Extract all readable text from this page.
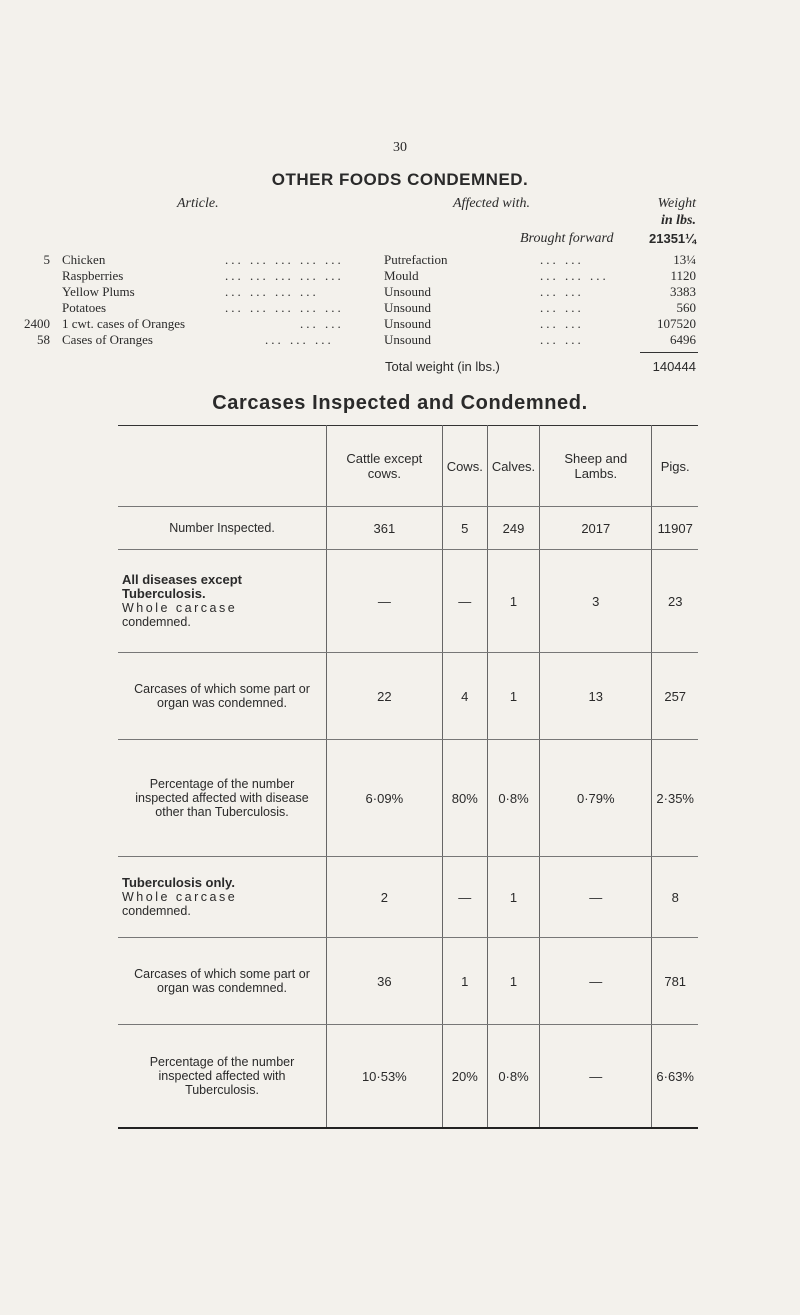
30
OTHER FOODS CONDEMNED.
Article.	Affected with.	Weight
in lbs.
Brought forward	21351¼
5 Chicken	... ... ... ... ...	Putrefaction	... ...	13¼
Raspberries	... ... ... ... ...	Mould	... ... ...	1120
Yellow Plums	... ... ... ...	Unsound	... ...	3383
Potatoes	... ... ... ... ...	Unsound	... ...	560
2400 1 cwt. cases of Oranges	... ...	Unsound	... ...	107520
58 Cases of Oranges	... ... ...	Unsound	... ...	6496
Total weight (in lbs.)	140444
Carcases Inspected and Condemned.
	Cattle except cows.	Cows.	Calves.	Sheep and Lambs.	Pigs.
Number Inspected.	361	5	249	2017	11907

All diseases except Tuberculosis.
Whole carcase
condemned.	—	—	1	3	23
Carcases of which some part or organ was condemned.	22	4	1	13	257
Percentage of the number inspected affected with disease other than Tuberculosis.	6·09%	80%	0·8%	0·79%	2·35%

Tuberculosis only.
Whole carcase
condemned.	2	—	1	—	8
Carcases of which some part or organ was condemned.	36	1	1	—	781
Percentage of the number inspected affected with Tuberculosis.	10·53%	20%	0·8%	—	6·63%
